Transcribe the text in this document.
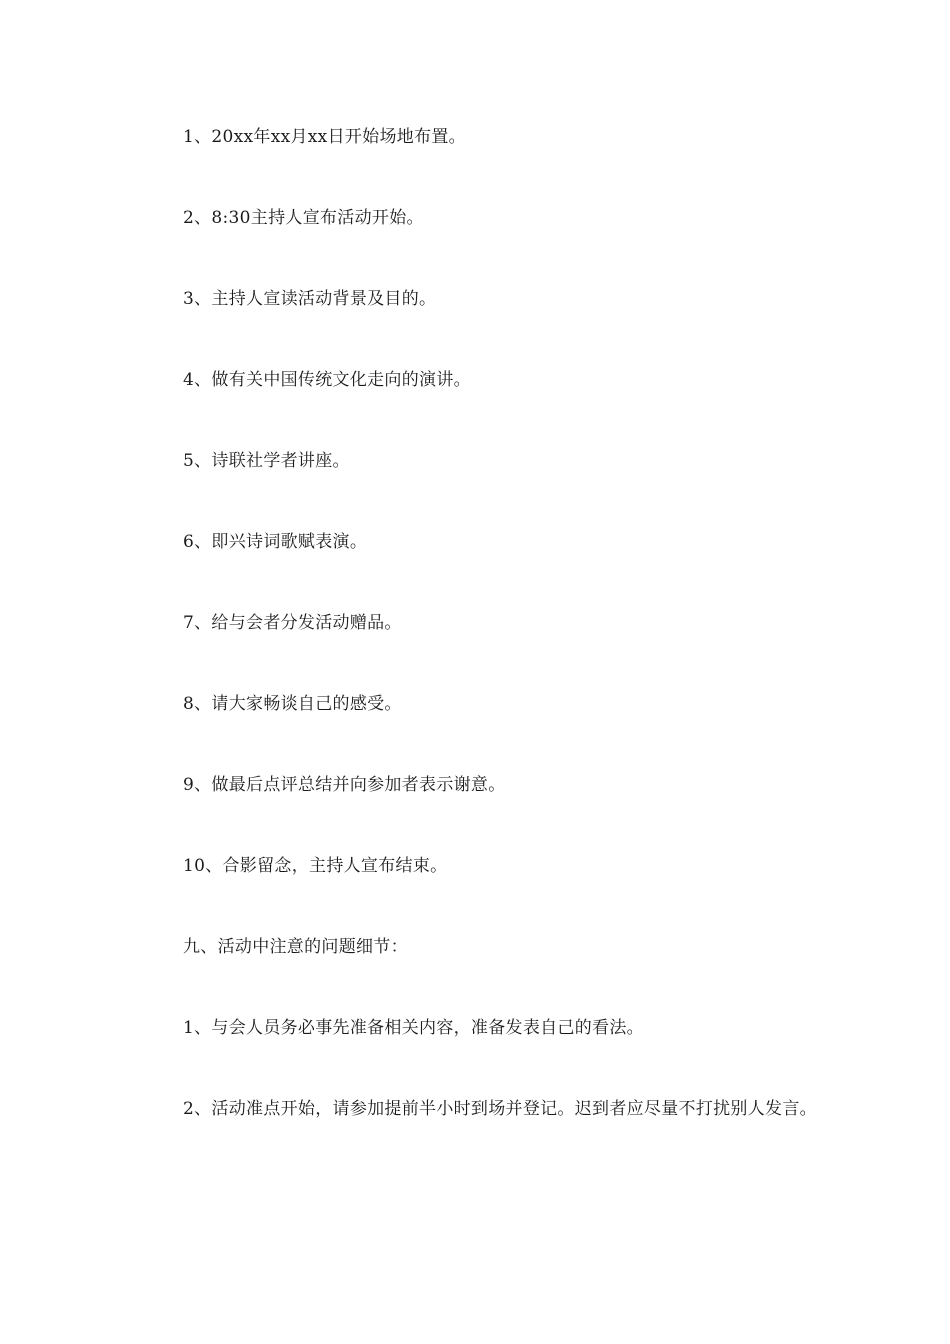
1、20xx年xx月xx日开始场地布置。

2、8:30主持人宣布活动开始。

3、主持人宣读活动背景及目的。

4、做有关中国传统文化走向的演讲。

5、诗联社学者讲座。

6、即兴诗词歌赋表演。

7、给与会者分发活动赠品。

8、请大家畅谈自己的感受。

9、做最后点评总结并向参加者表示谢意。

10、合影留念，主持人宣布结束。

九、活动中注意的问题细节：

1、与会人员务必事先准备相关内容，准备发表自己的看法。

2、活动准点开始，请参加提前半小时到场并登记。迟到者应尽量不打扰别人发言。
